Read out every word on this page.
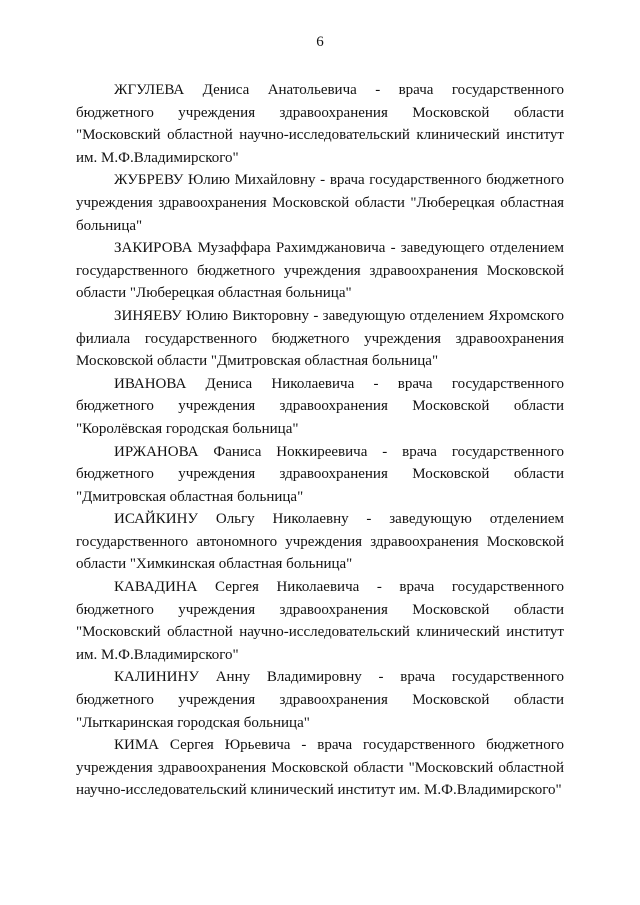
6

ЖГУЛЕВА Дениса Анатольевича - врача государственного бюджетного учреждения здравоохранения Московской области "Московский областной научно-исследовательский клинический институт им. М.Ф.Владимирского"

ЖУБРЕВУ Юлию Михайловну - врача государственного бюджетного учреждения здравоохранения Московской области "Люберецкая областная больница"

ЗАКИРОВА Музаффара Рахимджановича - заведующего отделением государственного бюджетного учреждения здравоохранения Московской области "Люберецкая областная больница"

ЗИНЯЕВУ Юлию Викторовну - заведующую отделением Яхромского филиала государственного бюджетного учреждения здравоохранения Московской области "Дмитровская областная больница"

ИВАНОВА Дениса Николаевича - врача государственного бюджетного учреждения здравоохранения Московской области "Королёвская городская больница"

ИРЖАНОВА Фаниса Ноккиреевича - врача государственного бюджетного учреждения здравоохранения Московской области "Дмитровская областная больница"

ИСАЙКИНУ Ольгу Николаевну - заведующую отделением государственного автономного учреждения здравоохранения Московской области "Химкинская областная больница"

КАВАДИНА Сергея Николаевича - врача государственного бюджетного учреждения здравоохранения Московской области "Московский областной научно-исследовательский клинический институт им. М.Ф.Владимирского"

КАЛИНИНУ Анну Владимировну - врача государственного бюджетного учреждения здравоохранения Московской области "Лыткаринская городская больница"

КИМА Сергея Юрьевича - врача государственного бюджетного учреждения здравоохранения Московской области "Московский областной научно-исследовательский клинический институт им. М.Ф.Владимирского"
